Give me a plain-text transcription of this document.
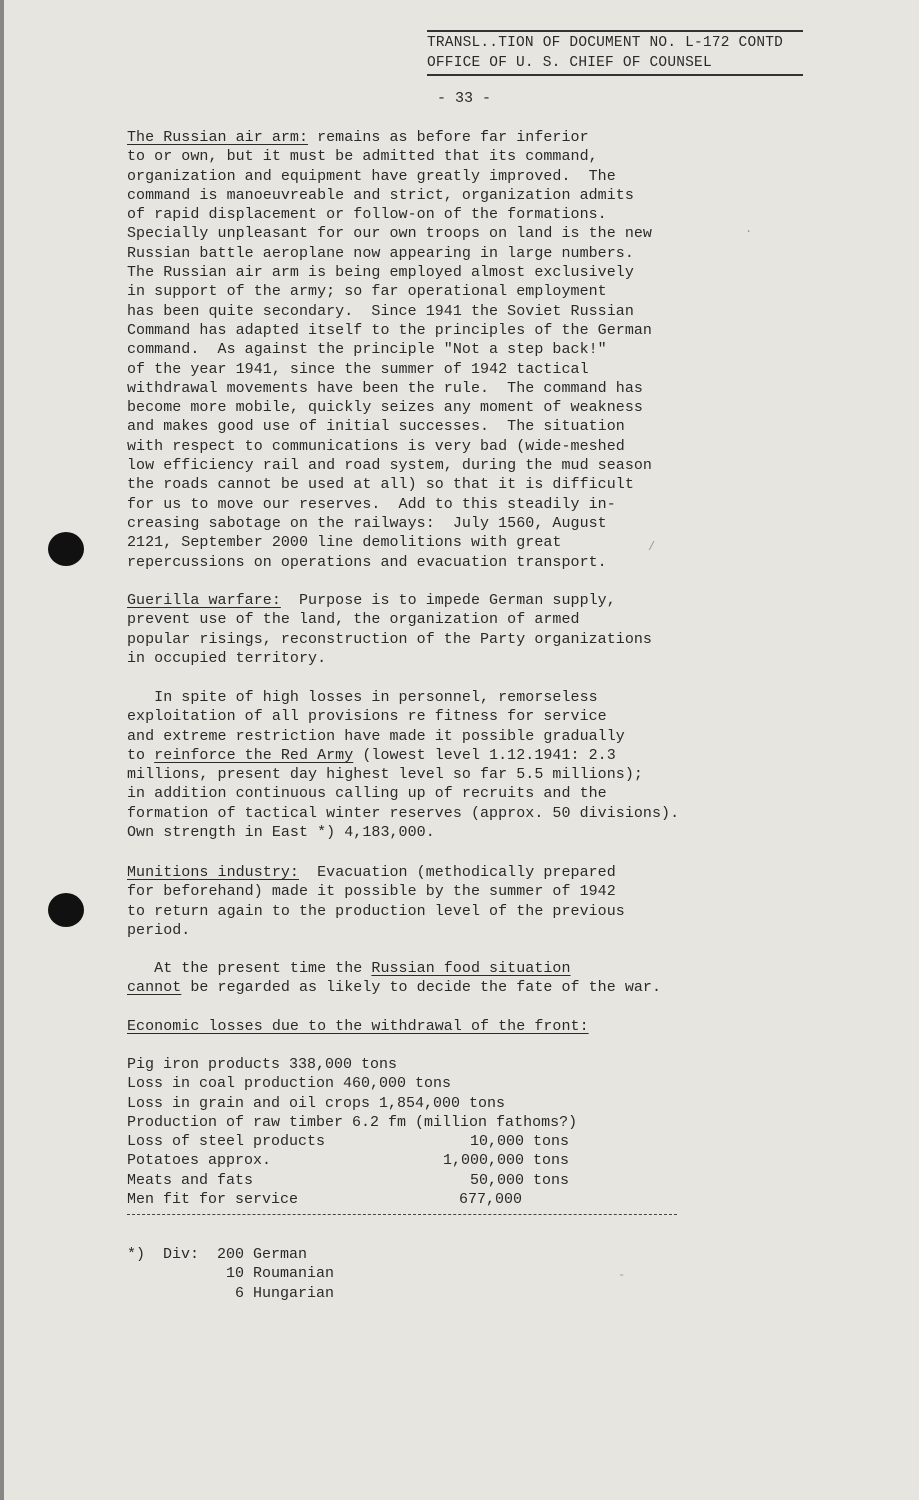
TRANSL..TION OF DOCUMENT NO. L-172 CONTD
OFFICE OF U. S. CHIEF OF COUNSEL
- 33 -
The Russian air arm: remains as before far inferior
to or own, but it must be admitted that its command,
organization and equipment have greatly improved.  The
command is manoeuvreable and strict, organization admits
of rapid displacement or follow-on of the formations.
Specially unpleasant for our own troops on land is the new
Russian battle aeroplane now appearing in large numbers.
The Russian air arm is being employed almost exclusively
in support of the army; so far operational employment
has been quite secondary.  Since 1941 the Soviet Russian
Command has adapted itself to the principles of the German
command.  As against the principle "Not a step back!"
of the year 1941, since the summer of 1942 tactical
withdrawal movements have been the rule.  The command has
become more mobile, quickly seizes any moment of weakness
and makes good use of initial successes.  The situation
with respect to communications is very bad (wide-meshed
low efficiency rail and road system, during the mud season
the roads cannot be used at all) so that it is difficult
for us to move our reserves.  Add to this steadily in-
creasing sabotage on the railways:  July 1560, August
2121, September 2000 line demolitions with great
repercussions on operations and evacuation transport.
Guerilla warfare:  Purpose is to impede German supply,
prevent use of the land, the organization of armed
popular risings, reconstruction of the Party organizations
in occupied territory.
In spite of high losses in personnel, remorseless
exploitation of all provisions re fitness for service
and extreme restriction have made it possible gradually
to reinforce the Red Army (lowest level 1.12.1941: 2.3
millions, present day highest level so far 5.5 millions);
in addition continuous calling up of recruits and the
formation of tactical winter reserves (approx. 50 divisions).
Own strength in East *) 4,183,000.
Munitions industry:  Evacuation (methodically prepared
for beforehand) made it possible by the summer of 1942
to return again to the production level of the previous
period.
At the present time the Russian food situation
cannot be regarded as likely to decide the fate of the war.
Economic losses due to the withdrawal of the front:
Pig iron products 338,000 tons
Loss in coal production 460,000 tons
Loss in grain and oil crops 1,854,000 tons
Production of raw timber 6.2 fm (million fathoms?)
Loss of steel products	10,000 tons
Potatoes approx.	1,000,000 tons
Meats and fats	50,000 tons
Men fit for service	677,000
*)  Div:  200 German
10 Roumanian
6 Hungarian
.
/
-
